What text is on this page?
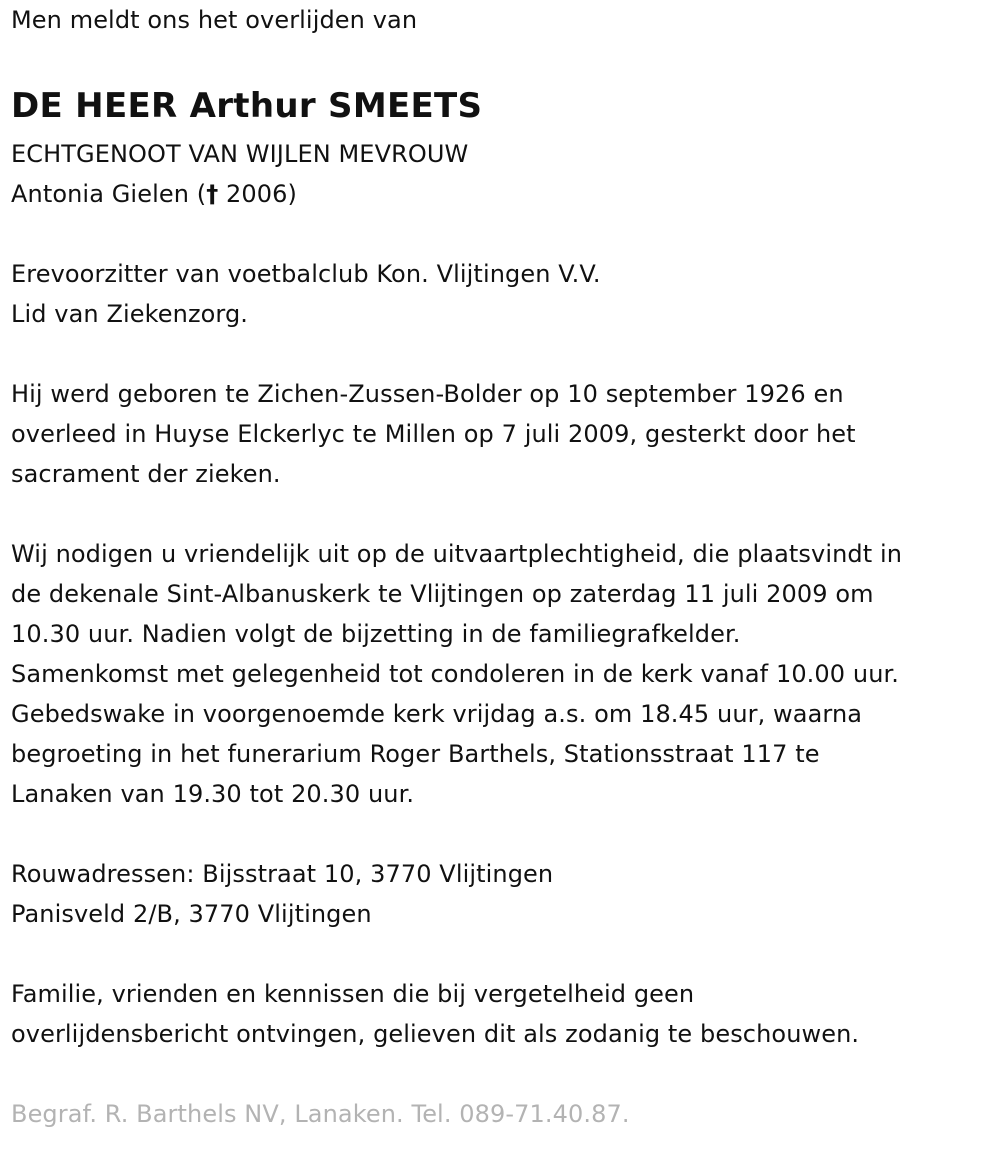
Men meldt ons het overlijden van
DE HEER Arthur SMEETS
ECHTGENOOT VAN WIJLEN MEVROUW
Antonia Gielen († 2006)
Erevoorzitter van voetbalclub Kon. Vlijtingen V.V.
Lid van Ziekenzorg.
Hij werd geboren te Zichen-Zussen-Bolder op 10 september 1926 en
overleed in Huyse Elckerlyc te Millen op 7 juli 2009, gesterkt door het
sacrament der zieken.
Wij nodigen u vriendelijk uit op de uitvaartplechtigheid, die plaatsvindt in
de dekenale Sint-Albanuskerk te Vlijtingen op zaterdag 11 juli 2009 om
10.30 uur. Nadien volgt de bijzetting in de familiegrafkelder.
Samenkomst met gelegenheid tot condoleren in de kerk vanaf 10.00 uur.
Gebedswake in voorgenoemde kerk vrijdag a.s. om 18.45 uur, waarna
begroeting in het funerarium Roger Barthels, Stationsstraat 117 te
Lanaken van 19.30 tot 20.30 uur.
Rouwadressen: Bijsstraat 10, 3770 Vlijtingen
Panisveld 2/B, 3770 Vlijtingen
Familie, vrienden en kennissen die bij vergetelheid geen
overlijdensbericht ontvingen, gelieven dit als zodanig te beschouwen.
Begraf. R. Barthels NV, Lanaken. Tel. 089-71.40.87.
